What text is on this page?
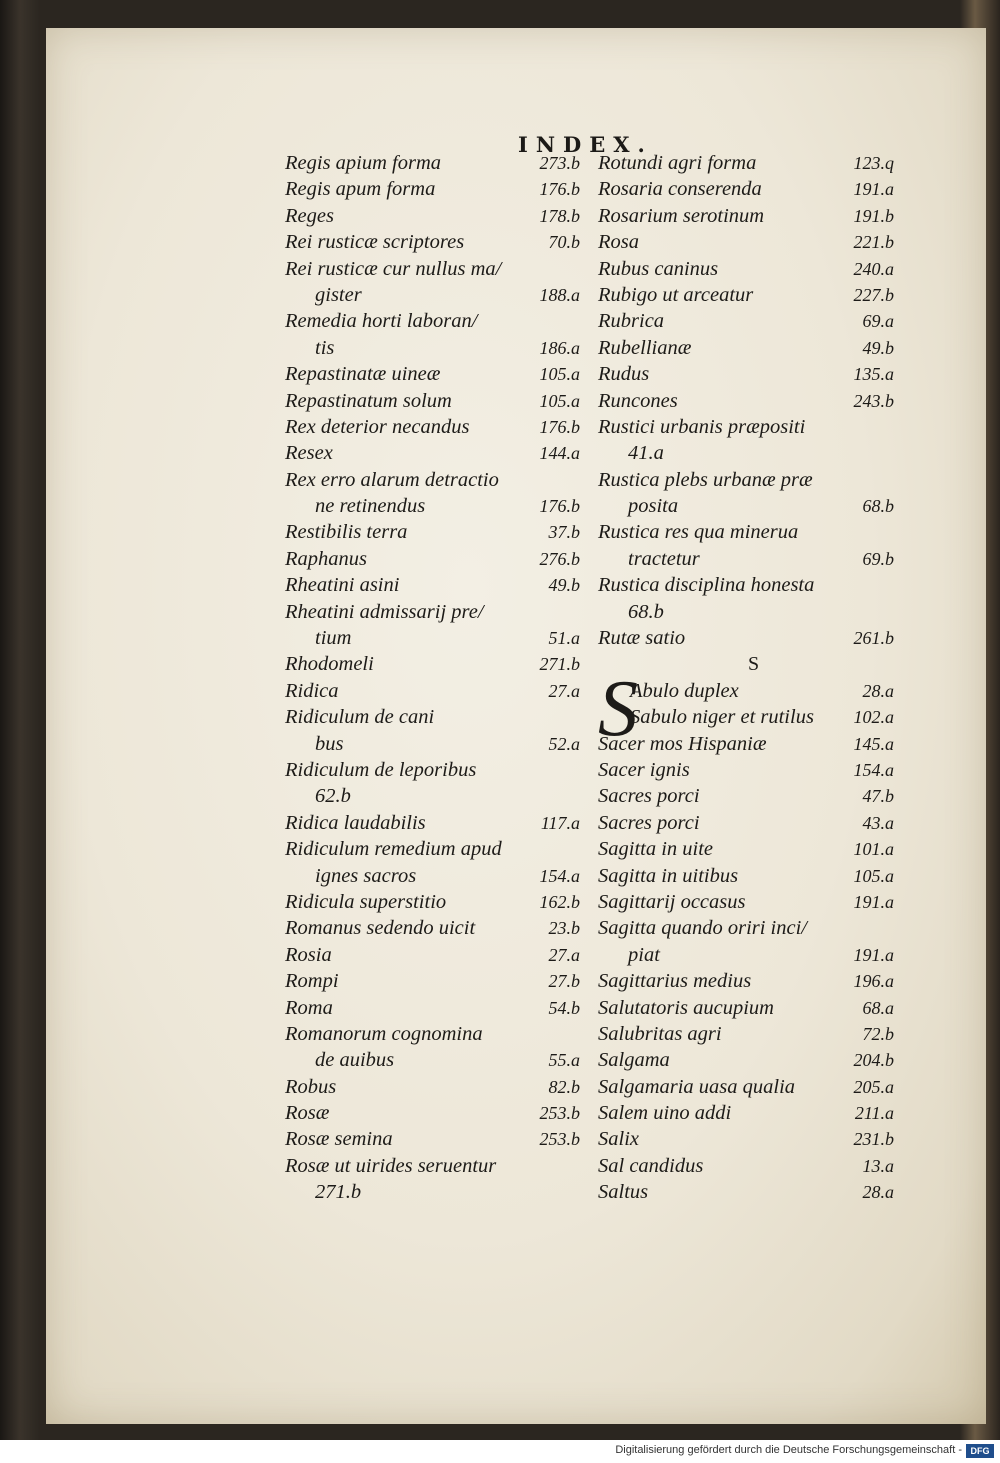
INDEX.
Regis apium forma	273.b
Regis apum forma	176.b
Reges	178.b
Rei rusticæ scriptores	70.b
Rei rusticæ cur nullus ma/
gister	188.a
Remedia horti laboran/
tis	186.a
Repastinatæ uineæ	105.a
Repastinatum solum	105.a
Rex deterior necandus	176.b
Resex	144.a
Rex erro alarum detractio
ne retinendus	176.b
Restibilis terra	37.b
Raphanus	276.b
Rheatini asini	49.b
Rheatini admissarij pre/
tium	51.a
Rhodomeli	271.b
Ridica	27.a
Ridiculum de cani
bus	52.a
Ridiculum de leporibus
62.b
Ridica laudabilis	117.a
Ridiculum remedium apud
ignes sacros	154.a
Ridicula superstitio	162.b
Romanus sedendo uicit	23.b
Rosia	27.a
Rompi	27.b
Roma	54.b
Romanorum cognomina
de auibus	55.a
Robus	82.b
Rosæ	253.b
Rosæ semina	253.b
Rosæ ut uirides seruentur
271.b
Rotundi agri forma	123.q
Rosaria conserenda	191.a
Rosarium serotinum	191.b
Rosa	221.b
Rubus caninus	240.a
Rubigo ut arceatur	227.b
Rubrica	69.a
Rubellianæ	49.b
Rudus	135.a
Runcones	243.b
Rustici urbanis præpositi
41.a
Rustica plebs urbanæ præ
posita	68.b
Rustica res qua minerua
tractetur	69.b
Rustica disciplina honesta
68.b
Rutæ satio	261.b
S
Abulo duplex	28.a
Sabulo niger et rutilus 102.a
Sacer mos Hispaniæ	145.a
Sacer ignis	154.a
Sacres porci	47.b
Sacres porci	43.a
Sagitta in uite	101.a
Sagitta in uitibus	105.a
Sagittarij occasus	191.a
Sagitta quando oriri inci/
piat	191.a
Sagittarius medius	196.a
Salutatoris aucupium	68.a
Salubritas agri	72.b
Salgama	204.b
Salgamaria uasa qualia	205.a
Salem uino addi	211.a
Salix	231.b
Sal candidus	13.a
Saltus	28.a
S
Digitalisierung gefördert durch die Deutsche Forschungsgemeinschaft - DFG
